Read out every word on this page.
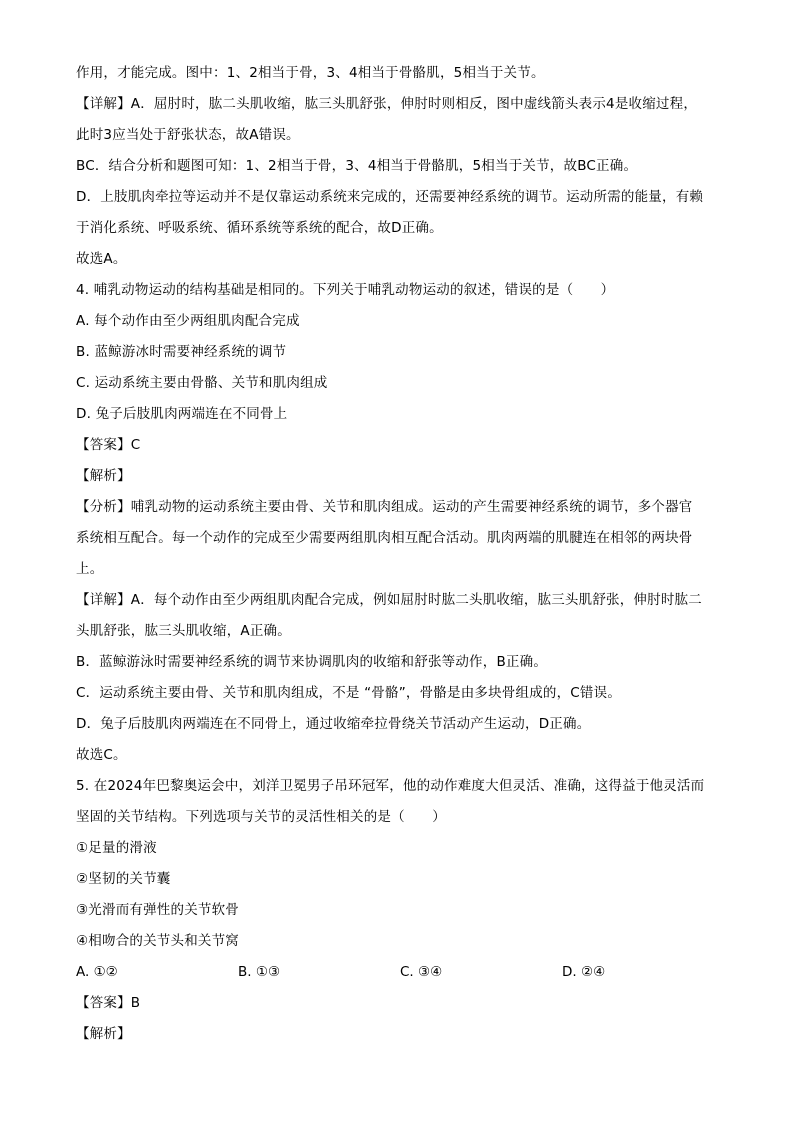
作用，才能完成。图中：1、2相当于骨，3、4相当于骨骼肌，5相当于关节。
【详解】A．屈肘时，肱二头肌收缩，肱三头肌舒张，伸肘时则相反，图中虚线箭头表示4是收缩过程，
此时3应当处于舒张状态，故A错误。
BC．结合分析和题图可知：1、2相当于骨，3、4相当于骨骼肌，5相当于关节，故BC正确。
D．上肢肌肉牵拉等运动并不是仅靠运动系统来完成的，还需要神经系统的调节。运动所需的能量，有赖
于消化系统、呼吸系统、循环系统等系统的配合，故D正确。
故选A。
4. 哺乳动物运动的结构基础是相同的。下列关于哺乳动物运动的叙述，错误的是（　　）
A. 每个动作由至少两组肌肉配合完成
B. 蓝鲸游冰时需要神经系统的调节
C. 运动系统主要由骨骼、关节和肌肉组成
D. 兔子后肢肌肉两端连在不同骨上
【答案】C
【解析】
【分析】哺乳动物的运动系统主要由骨、关节和肌肉组成。运动的产生需要神经系统的调节，多个器官
系统相互配合。每一个动作的完成至少需要两组肌肉相互配合活动。肌肉两端的肌腱连在相邻的两块骨
上。
【详解】A．每个动作由至少两组肌肉配合完成，例如屈肘时肱二头肌收缩，肱三头肌舒张，伸肘时肱二
头肌舒张，肱三头肌收缩，A正确。
B．蓝鲸游泳时需要神经系统的调节来协调肌肉的收缩和舒张等动作，B正确。
C．运动系统主要由骨、关节和肌肉组成，不是 “骨骼”，骨骼是由多块骨组成的，C错误。
D．兔子后肢肌肉两端连在不同骨上，通过收缩牵拉骨绕关节活动产生运动，D正确。
故选C。
5. 在2024年巴黎奥运会中，刘洋卫冕男子吊环冠军，他的动作难度大但灵活、准确，这得益于他灵活而
坚固的关节结构。下列选项与关节的灵活性相关的是（　　）
①足量的滑液
②坚韧的关节囊
③光滑而有弹性的关节软骨
④相吻合的关节头和关节窝
A. ①②	B. ①③	C. ③④	D. ②④
【答案】B
【解析】
